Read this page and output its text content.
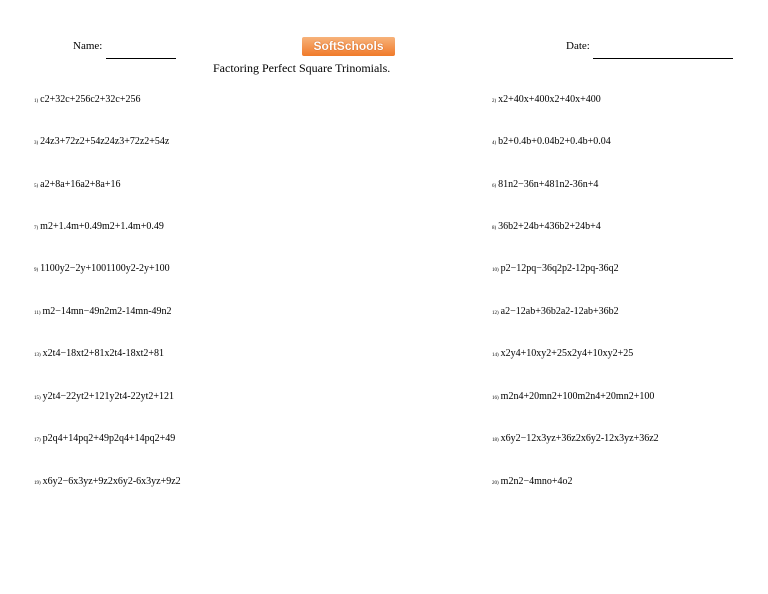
Name:	SoftSchools	Date:
Factoring Perfect Square Trinomials.
1) c2+32c+256c2+32c+256	2) x2+40x+400x2+40x+400
3) 24z3+72z2+54z24z3+72z2+54z	4) b2+0.4b+0.04b2+0.4b+0.04
5) a2+8a+16a2+8a+16	6) 81n2−36n+481n2-36n+4
7) m2+1.4m+0.49m2+1.4m+0.49	8) 36b2+24b+436b2+24b+4
9) 1100y2−2y+1001100y2-2y+100	10) p2−12pq−36q2p2-12pq-36q2
11) m2−14mn−49n2m2-14mn-49n2	12) a2−12ab+36b2a2-12ab+36b2
13) x2t4−18xt2+81x2t4-18xt2+81	14) x2y4+10xy2+25x2y4+10xy2+25
15) y2t4−22yt2+121y2t4-22yt2+121	16) m2n4+20mn2+100m2n4+20mn2+100
17) p2q4+14pq2+49p2q4+14pq2+49	18) x6y2−12x3yz+36z2x6y2-12x3yz+36z2
19) x6y2−6x3yz+9z2x6y2-6x3yz+9z2	20) m2n2−4mno+4o2
